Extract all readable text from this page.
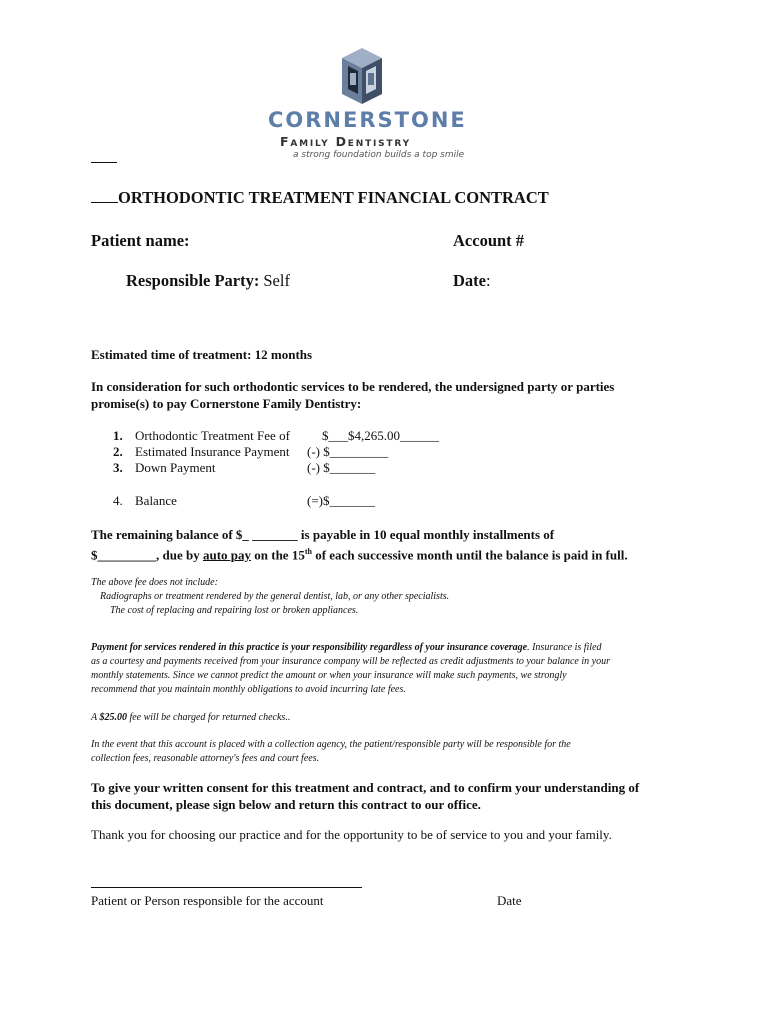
CORNERSTONE
Family Dentistry
a strong foundation builds a top smile
ORTHODONTIC TREATMENT FINANCIAL CONTRACT
Patient name:	Account #
Responsible Party: Self	Date:
Estimated time of treatment: 12 months
In consideration for such orthodontic services to be rendered, the undersigned party or parties
promise(s) to pay Cornerstone Family Dentistry:
1. Orthodontic Treatment Fee of $___$4,265.00______
2. Estimated Insurance Payment (-) $_________
3. Down Payment	(-) $_______
4. Balance	(=)$_______
The remaining balance of $_ _______ is payable in 10 equal monthly installments of
$_________, due by auto pay on the 15th of each successive month until the balance is paid in full.
The above fee does not include:
Radiographs or treatment rendered by the general dentist, lab, or any other specialists.
The cost of replacing and repairing lost or broken appliances.
Payment for services rendered in this practice is your responsibility regardless of your insurance coverage. Insurance is filed
as a courtesy and payments received from your insurance company will be reflected as credit adjustments to your balance in your
monthly statements. Since we cannot predict the amount or when your insurance will make such payments, we strongly
recommend that you maintain monthly obligations to avoid incurring late fees.
A $25.00 fee will be charged for returned checks..
In the event that this account is placed with a collection agency, the patient/responsible party will be responsible for the
collection fees, reasonable attorney's fees and court fees.
To give your written consent for this treatment and contract, and to confirm your understanding of
this document, please sign below and return this contract to our office.
Thank you for choosing our practice and for the opportunity to be of service to you and your family.
Patient or Person responsible for the account	Date
